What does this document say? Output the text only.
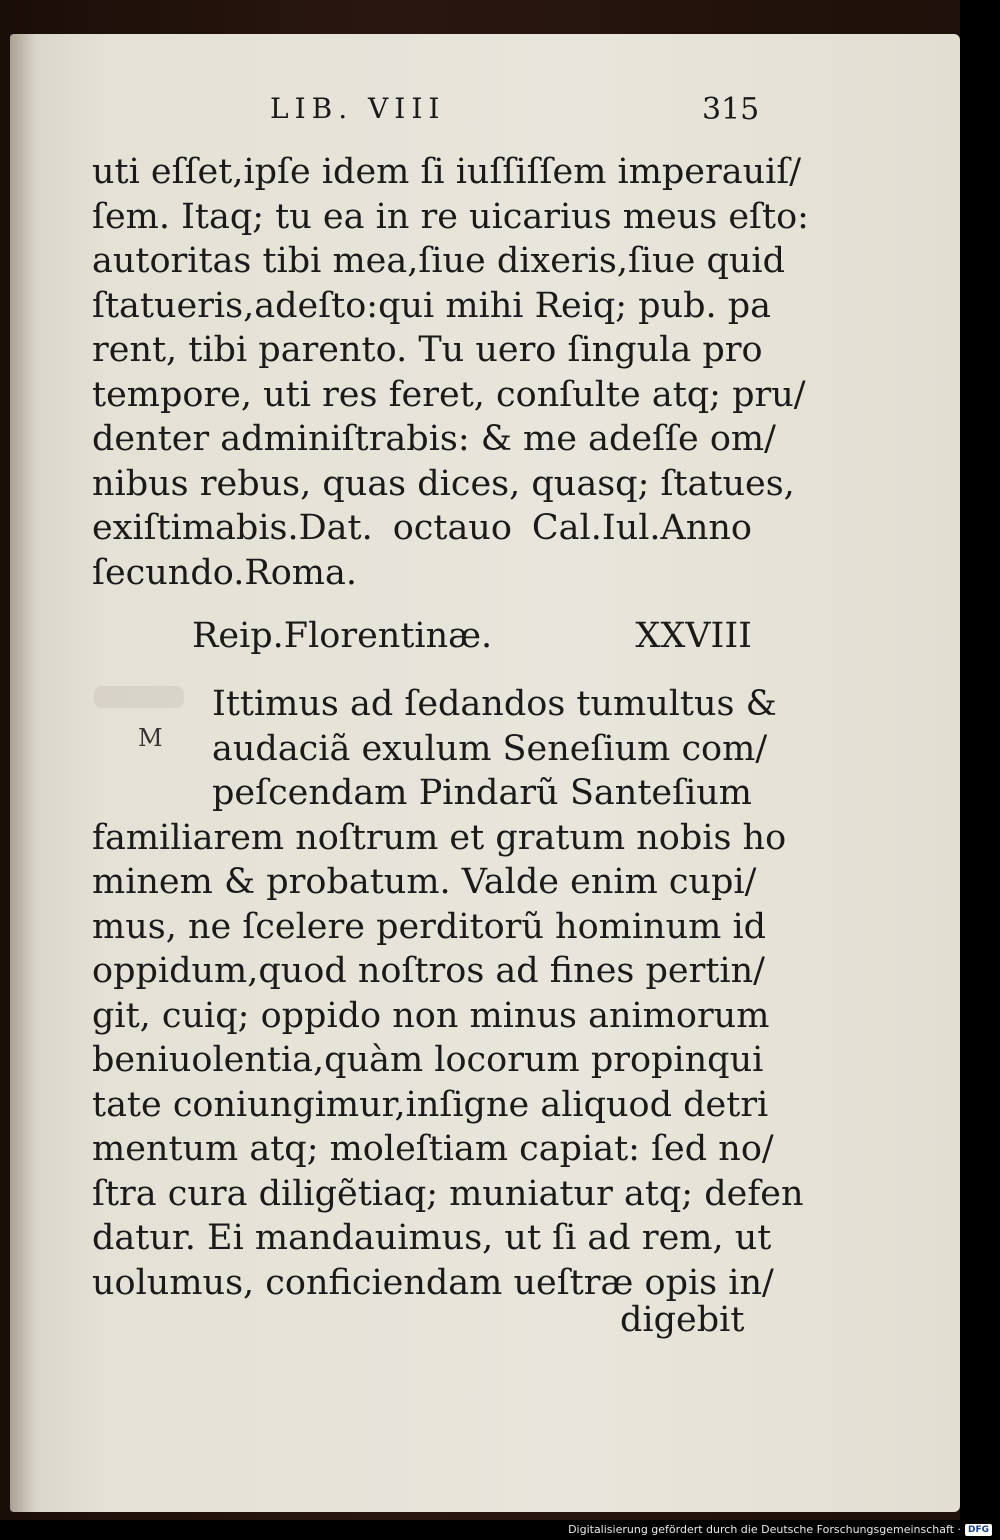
LIB. VIII	315
uti eſſet,ipſe idem ſi iuſſiſſem imperauiſ/
ſem. Itaq; tu ea in re uicarius meus eſto:
autoritas tibi mea,ſiue dixeris,ſiue quid
ſtatueris,adeſto:qui mihi Reiq; pub. pa
rent, tibi parento. Tu uero ſingula pro
tempore, uti res feret, conſulte atq; pru/
denter adminiſtrabis: & me adeſſe om/
nibus rebus, quas dices, quasq; ſtatues,
exiſtimabis.Dat. octauo Cal.Iul.Anno
ſecundo.Roma.
Reip.Florentinæ.	XXVIII
M
Ittimus ad ſedandos tumultus &
audaciã exulum Seneſium com/
peſcendam Pindarũ Santeſium
familiarem noſtrum et gratum nobis ho
minem & probatum. Valde enim cupi/
mus, ne ſcelere perditorũ hominum id
oppidum,quod noſtros ad fines pertin/
git, cuiq; oppido non minus animorum
beniuolentia,quàm locorum propinqui
tate coniungimur,inſigne aliquod detri
mentum atq; moleſtiam capiat: ſed no/
ſtra cura diligẽtiaq; muniatur atq; defen
datur. Ei mandauimus, ut ſi ad rem, ut
uolumus, conficiendam ueſtræ opis in/
digebit
Digitalisierung gefördert durch die Deutsche Forschungsgemeinschaft · DFG
